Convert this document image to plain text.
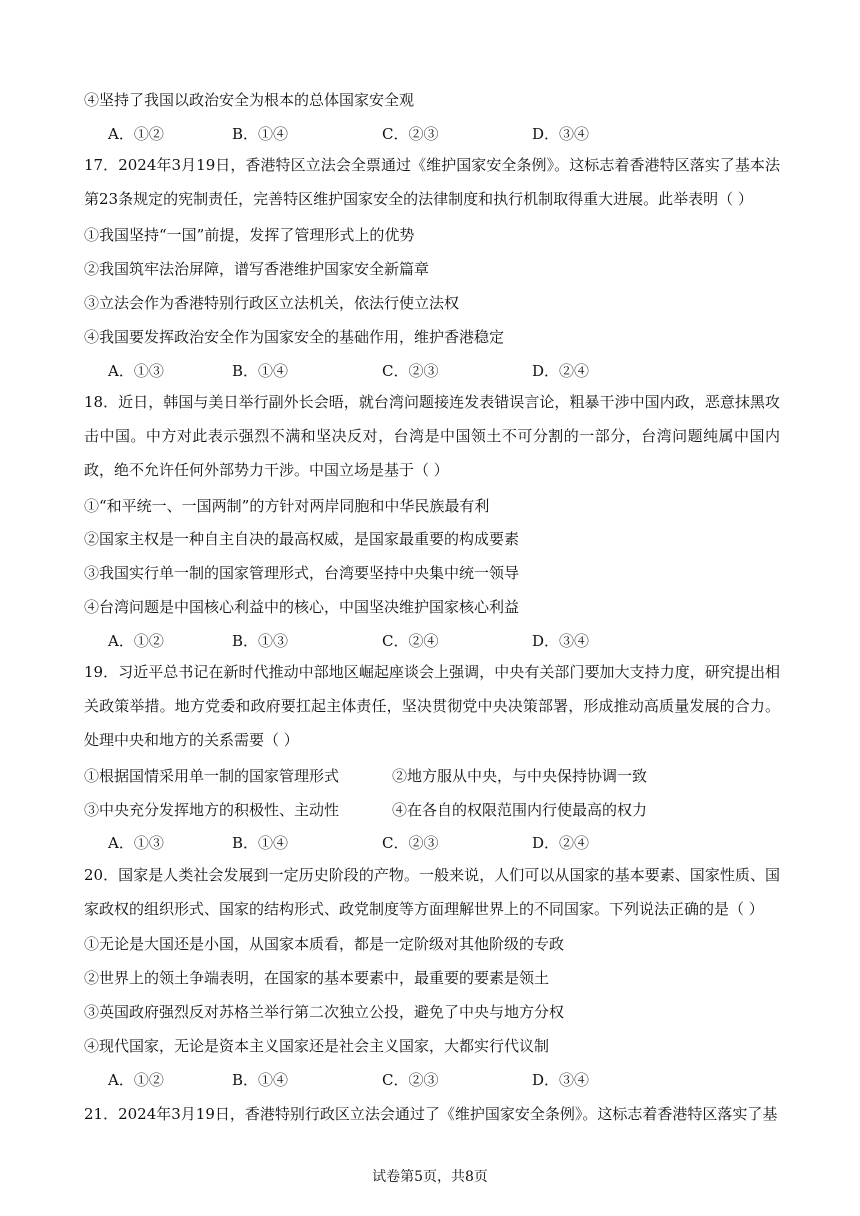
④坚持了我国以政治安全为根本的总体国家安全观
A．①②	B．①④	C．②③	D．③④
17．2024年3月19日，香港特区立法会全票通过《维护国家安全条例》。这标志着香港特区落实了基本法第23条规定的宪制责任，完善特区维护国家安全的法律制度和执行机制取得重大进展。此举表明（ ）
①我国坚持“一国”前提，发挥了管理形式上的优势
②我国筑牢法治屏障，谱写香港维护国家安全新篇章
③立法会作为香港特别行政区立法机关，依法行使立法权
④我国要发挥政治安全作为国家安全的基础作用，维护香港稳定
A．①③	B．①④	C．②③	D．②④
18．近日，韩国与美日举行副外长会晤，就台湾问题接连发表错误言论，粗暴干涉中国内政，恶意抹黑攻击中国。中方对此表示强烈不满和坚决反对，台湾是中国领土不可分割的一部分，台湾问题纯属中国内政，绝不允许任何外部势力干涉。中国立场是基于（ ）
①“和平统一、一国两制”的方针对两岸同胞和中华民族最有利
②国家主权是一种自主自决的最高权威，是国家最重要的构成要素
③我国实行单一制的国家管理形式，台湾要坚持中央集中统一领导
④台湾问题是中国核心利益中的核心，中国坚决维护国家核心利益
A．①②	B．①③	C．②④	D．③④
19．习近平总书记在新时代推动中部地区崛起座谈会上强调，中央有关部门要加大支持力度，研究提出相关政策举措。地方党委和政府要扛起主体责任，坚决贯彻党中央决策部署，形成推动高质量发展的合力。处理中央和地方的关系需要（ ）
①根据国情采用单一制的国家管理形式	②地方服从中央，与中央保持协调一致
③中央充分发挥地方的积极性、主动性	④在各自的权限范围内行使最高的权力
A．①③	B．①④	C．②③	D．②④
20．国家是人类社会发展到一定历史阶段的产物。一般来说，人们可以从国家的基本要素、国家性质、国家政权的组织形式、国家的结构形式、政党制度等方面理解世界上的不同国家。下列说法正确的是（ ）
①无论是大国还是小国，从国家本质看，都是一定阶级对其他阶级的专政
②世界上的领土争端表明，在国家的基本要素中，最重要的要素是领土
③英国政府强烈反对苏格兰举行第二次独立公投，避免了中央与地方分权
④现代国家，无论是资本主义国家还是社会主义国家，大都实行代议制
A．①②	B．①④	C．②③	D．③④
21．2024年3月19日，香港特别行政区立法会通过了《维护国家安全条例》。这标志着香港特区落实了基
试卷第5页，共8页
